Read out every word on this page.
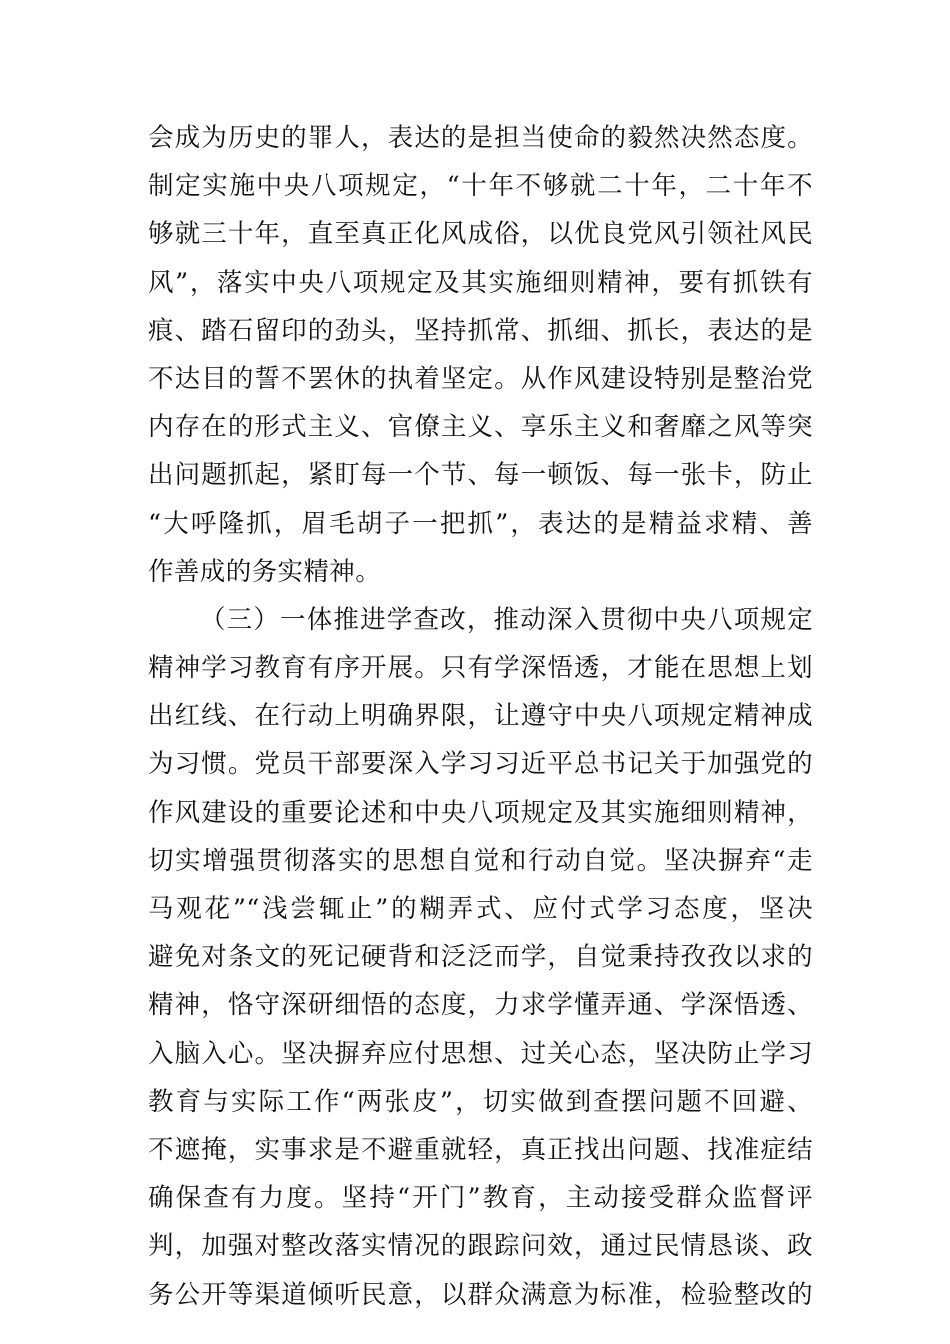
会成为历史的罪人，表达的是担当使命的毅然决然态度。
制定实施中央八项规定，“十年不够就二十年，二十年不
够就三十年，直至真正化风成俗，以优良党风引领社风民
风”，落实中央八项规定及其实施细则精神，要有抓铁有
痕、踏石留印的劲头，坚持抓常、抓细、抓长，表达的是
不达目的誓不罢休的执着坚定。从作风建设特别是整治党
内存在的形式主义、官僚主义、享乐主义和奢靡之风等突
出问题抓起，紧盯每一个节、每一顿饭、每一张卡，防止
“大呼隆抓，眉毛胡子一把抓”，表达的是精益求精、善
作善成的务实精神。
（三）一体推进学查改，推动深入贯彻中央八项规定
精神学习教育有序开展。只有学深悟透，才能在思想上划
出红线、在行动上明确界限，让遵守中央八项规定精神成
为习惯。党员干部要深入学习习近平总书记关于加强党的
作风建设的重要论述和中央八项规定及其实施细则精神，
切实增强贯彻落实的思想自觉和行动自觉。坚决摒弃“走
马观花”“浅尝辄止”的糊弄式、应付式学习态度，坚决
避免对条文的死记硬背和泛泛而学，自觉秉持孜孜以求的
精神，恪守深研细悟的态度，力求学懂弄通、学深悟透、
入脑入心。坚决摒弃应付思想、过关心态，坚决防止学习
教育与实际工作“两张皮”，切实做到查摆问题不回避、
不遮掩，实事求是不避重就轻，真正找出问题、找准症结
确保查有力度。坚持“开门”教育，主动接受群众监督评
判，加强对整改落实情况的跟踪问效，通过民情恳谈、政
务公开等渠道倾听民意，以群众满意为标准，检验整改的
